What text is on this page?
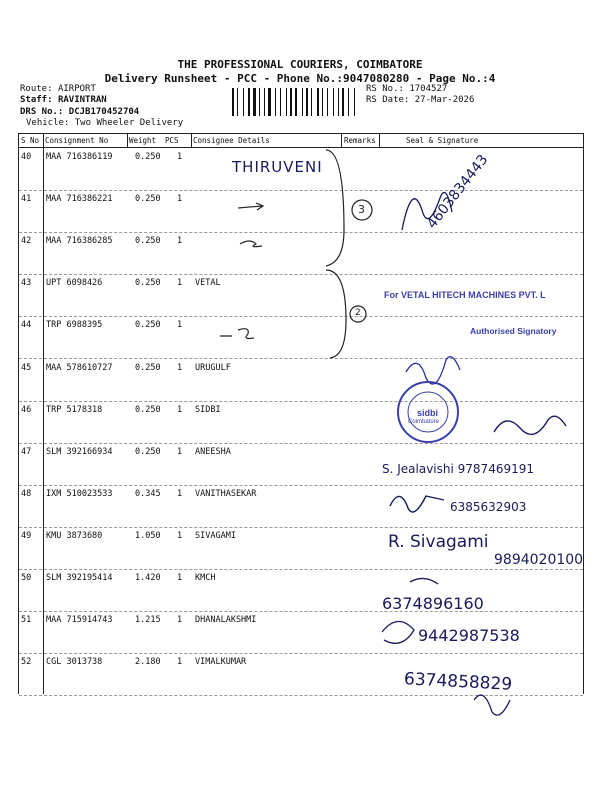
THE PROFESSIONAL COURIERS, COIMBATORE
Delivery Runsheet - PCC - Phone No.:9047080280 - Page No.:4
Route: AIRPORT
Staff: RAVINTRAN
DRS No.: DCJB170452704
Vehicle: Two Wheeler Delivery
RS No.: 1704527
RS Date: 27-Mar-2026
S No Consignment No	Weight PCS Consignee Details	Remarks	Seal & Signature
40 MAA 716386119	0.250 1
41 MAA 716386221	0.250 1
42 MAA 716386285	0.250 1
43 UPT 6098426	0.250 1 VETAL
44 TRP 6988395	0.250 1
45 MAA 578610727	0.250 1 URUGULF
46 TRP 5178318	0.250 1 SIDBI
47 SLM 392166934	0.250 1 ANEESHA
48 IXM 510023533	0.345 1 VANITHASEKAR
49 KMU 3873680	1.050 1 SIVAGAMI
50 SLM 392195414	1.420 1 KMCH
51 MAA 715914743	1.215 1 DHANALAKSHMI
52 CGL 3013738	2.180 1 VIMALKUMAR
THIRUVENI
3
2
4603834443
S. Jealavishi 9787469191
6385632903
R. Sivagami
9894020100
6374896160
9442987538
6374858829
For VETAL HITECH MACHINES PVT. L
Authorised Signatory
sidbi
Coimbatore
